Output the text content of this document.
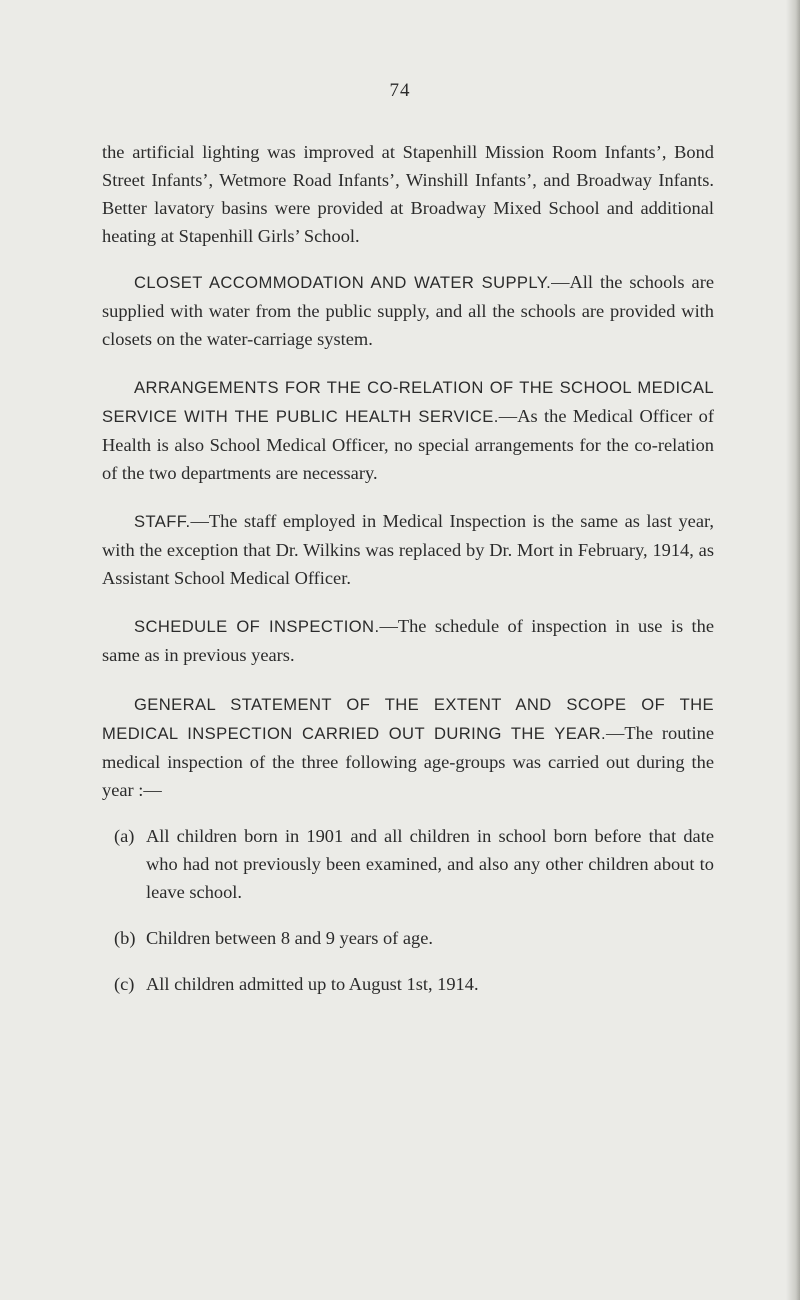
74

the artificial lighting was improved at Stapenhill Mission Room Infants’, Bond Street Infants’, Wetmore Road Infants’, Winshill Infants’, and Broadway Infants. Better lavatory basins were provided at Broadway Mixed School and additional heating at Stapenhill Girls’ School.

CLOSET ACCOMMODATION AND WATER SUPPLY.—All the schools are supplied with water from the public supply, and all the schools are provided with closets on the water-carriage system.

ARRANGEMENTS FOR THE CO-RELATION OF THE SCHOOL MEDICAL SERVICE WITH THE PUBLIC HEALTH SERVICE.—As the Medical Officer of Health is also School Medical Officer, no special arrangements for the co-relation of the two departments are necessary.

STAFF.—The staff employed in Medical Inspection is the same as last year, with the exception that Dr. Wilkins was replaced by Dr. Mort in February, 1914, as Assistant School Medical Officer.

SCHEDULE OF INSPECTION.—The schedule of inspection in use is the same as in previous years.

GENERAL STATEMENT OF THE EXTENT AND SCOPE OF THE MEDICAL INSPECTION CARRIED OUT DURING THE YEAR.—The routine medical inspection of the three following age-groups was carried out during the year :—

(a) All children born in 1901 and all children in school born before that date who had not previously been examined, and also any other children about to leave school.
(b) Children between 8 and 9 years of age.
(c) All children admitted up to August 1st, 1914.
